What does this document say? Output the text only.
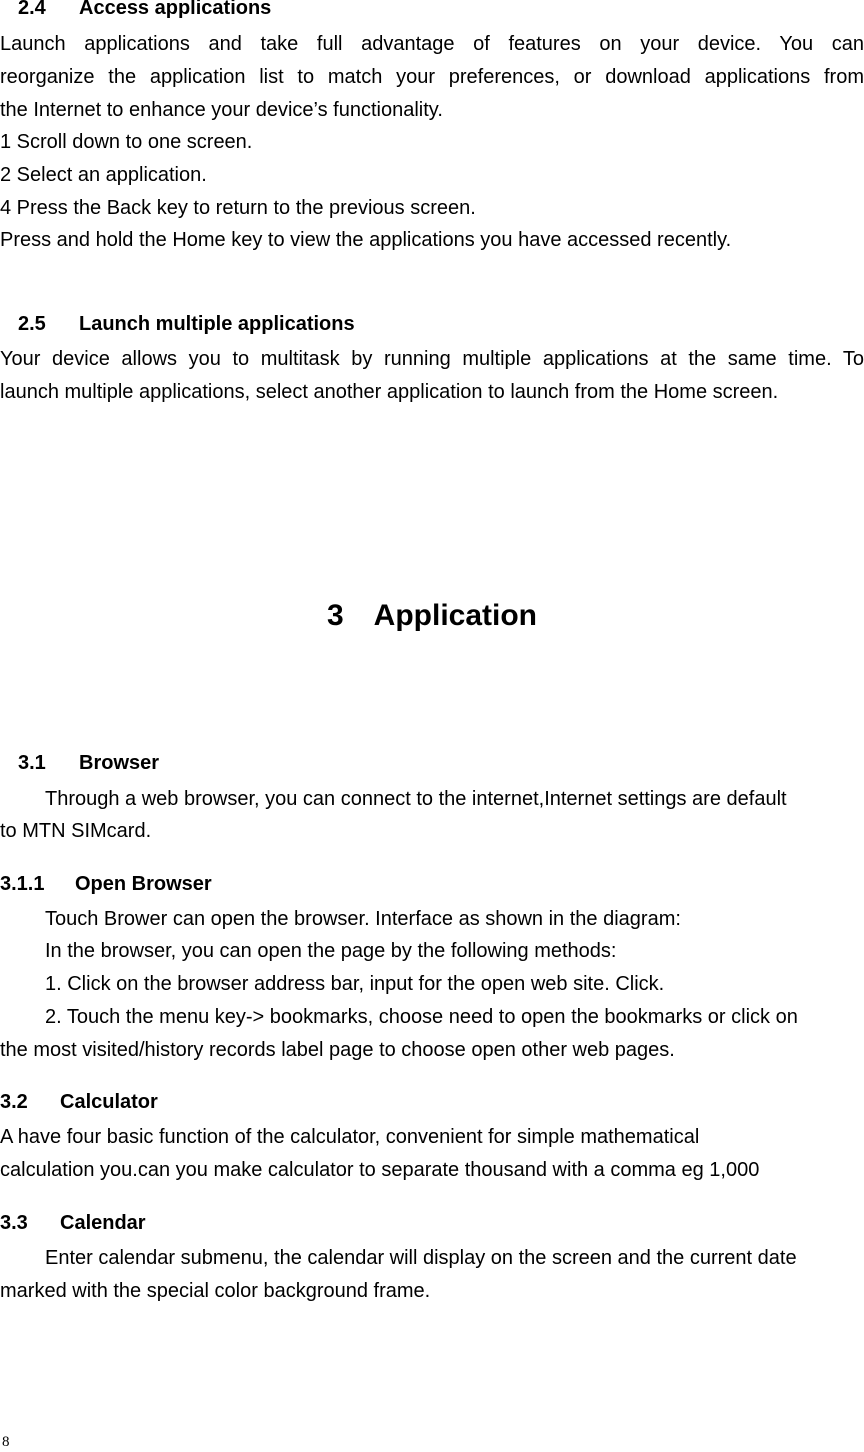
2.4 Access applications
Launch applications and take full advantage of features on your device. You can
reorganize the application list to match your preferences, or download applications from
the Internet to enhance your device’s functionality.
1 Scroll down to one screen.
2 Select an application.
4 Press the Back key to return to the previous screen.
Press and hold the Home key to view the applications you have accessed recently.
2.5 Launch multiple applications
Your device allows you to multitask by running multiple applications at the same time. To
launch multiple applications, select another application to launch from the Home screen.
3 Application
3.1 Browser
Through a web browser, you can connect to the internet,Internet settings are default
to MTN SIMcard.
3.1.1 Open Browser
Touch Brower can open the browser. Interface as shown in the diagram:
In the browser, you can open the page by the following methods:
1. Click on the browser address bar, input for the open web site. Click.
2. Touch the menu key-> bookmarks, choose need to open the bookmarks or click on
the most visited/history records label page to choose open other web pages.
3.2 Calculator
A have four basic function of the calculator, convenient for simple mathematical
calculation you.can you make calculator to separate thousand with a comma eg 1,000
3.3 Calendar
Enter calendar submenu, the calendar will display on the screen and the current date
marked with the special color background frame.
8
